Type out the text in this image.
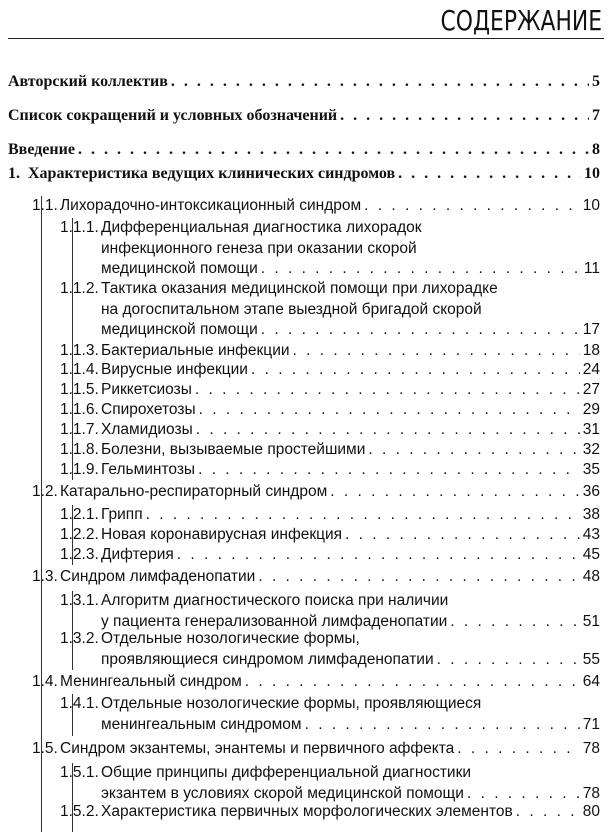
СОДЕРЖАНИЕ
Авторский коллектив . . .	5
Список сокращений и условных обозначений . . .	7
Введение . . .	8
1. Характеристика ведущих клинических синдромов . . .	10
1.1. Лихорадочно-интоксикационный синдром . . .	10
1.1.1. Дифференциальная диагностика лихорадок
инфекционного генеза при оказании скорой
медицинской помощи . . .	11
1.1.2. Тактика оказания медицинской помощи при лихорадке
на догоспитальном этапе выездной бригадой скорой
медицинской помощи . . .	17
1.1.3. Бактериальные инфекции . . .	18
1.1.4. Вирусные инфекции . . .	24
1.1.5. Риккетсиозы . . .	27
1.1.6. Спирохетозы . . .	29
1.1.7. Хламидиозы . . .	31
1.1.8. Болезни, вызываемые простейшими . . .	32
1.1.9. Гельминтозы . . .	35
1.2. Катарально-респираторный синдром . . .	36
1.2.1. Грипп . . .	38
1.2.2. Новая коронавирусная инфекция . . .	43
1.2.3. Дифтерия . . .	45
1.3. Синдром лимфаденопатии . . .	48
1.3.1. Алгоритм диагностического поиска при наличии
у пациента генерализованной лимфаденопатии . . .	51
1.3.2. Отдельные нозологические формы,
проявляющиеся синдромом лимфаденопатии . . .	55
1.4. Менингеальный синдром . . .	64
1.4.1. Отдельные нозологические формы, проявляющиеся
менингеальным синдромом . . .	71
1.5. Синдром экзантемы, энантемы и первичного аффекта . . .	78
1.5.1. Общие принципы дифференциальной диагностики
экзантем в условиях скорой медицинской помощи . . .	78
1.5.2. Характеристика первичных морфологических элементов . . .	80
